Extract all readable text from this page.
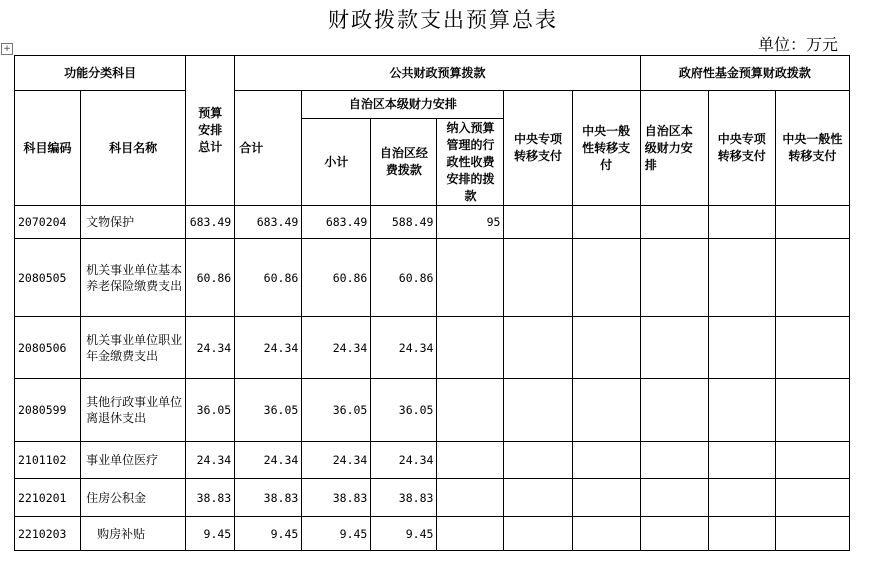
财政拨款支出预算总表
单位：万元
+
功能分类科目		预算安排总计	公共财政预算拨款						政府性基金预算财政拨款		
科目编码	科目名称		合计	自治区本级财力安排			中央专项转移支付	中央一般性转移支付	自治区本级财力安排	中央专项转移支付	中央一般性转移支付
				小计	自治区经费拨款	纳入预算管理的行政性收费安排的拨款					
2070204	文物保护	683.49	683.49	683.49	588.49	95					
2080505	机关事业单位基本养老保险缴费支出	60.86	60.86	60.86	60.86						
2080506	机关事业单位职业年金缴费支出	24.34	24.34	24.34	24.34						
2080599	其他行政事业单位离退休支出	36.05	36.05	36.05	36.05						
2101102	事业单位医疗	24.34	24.34	24.34	24.34						
2210201	住房公积金	38.83	38.83	38.83	38.83						
2210203	购房补贴	9.45	9.45	9.45	9.45						
